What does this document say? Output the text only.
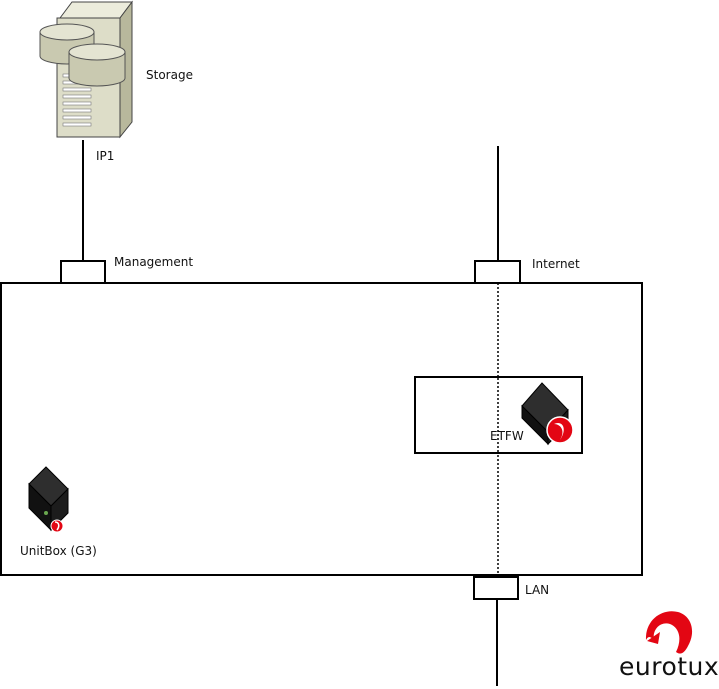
Storage
IP1
Management	Internet
ETFW
UnitBox (G3)
LAN
eurotux
